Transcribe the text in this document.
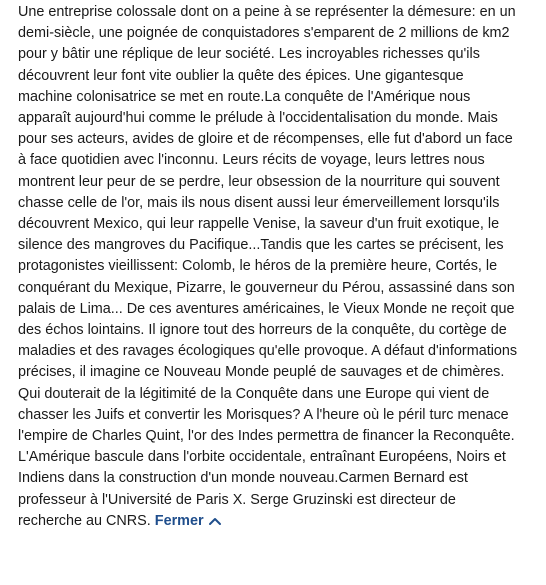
Une entreprise colossale dont on a peine à se représenter la démesure: en un
demi-siècle, une poignée de conquistadores s'emparent de 2 millions de km2
pour y bâtir une réplique de leur société. Les incroyables richesses qu'ils
découvrent leur font vite oublier la quête des épices. Une gigantesque
machine colonisatrice se met en route.La conquête de l'Amérique nous
apparaît aujourd'hui comme le prélude à l'occidentalisation du monde. Mais
pour ses acteurs, avides de gloire et de récompenses, elle fut d'abord un face
à face quotidien avec l'inconnu. Leurs récits de voyage, leurs lettres nous
montrent leur peur de se perdre, leur obsession de la nourriture qui souvent
chasse celle de l'or, mais ils nous disent aussi leur émerveillement lorsqu'ils
découvrent Mexico, qui leur rappelle Venise, la saveur d'un fruit exotique, le
silence des mangroves du Pacifique...Tandis que les cartes se précisent, les
protagonistes vieillissent: Colomb, le héros de la première heure, Cortés, le
conquérant du Mexique, Pizarre, le gouverneur du Pérou, assassiné dans son
palais de Lima... De ces aventures américaines, le Vieux Monde ne reçoit que
des échos lointains. Il ignore tout des horreurs de la conquête, du cortège de
maladies et des ravages écologiques qu'elle provoque. A défaut d'informations
précises, il imagine ce Nouveau Monde peuplé de sauvages et de chimères.
Qui douterait de la légitimité de la Conquête dans une Europe qui vient de
chasser les Juifs et convertir les Morisques? A l'heure où le péril turc menace
l'empire de Charles Quint, l'or des Indes permettra de financer la Reconquête.
L'Amérique bascule dans l'orbite occidentale, entraînant Européens, Noirs et
Indiens dans la construction d'un monde nouveau.Carmen Bernard est
professeur à l'Université de Paris X. Serge Gruzinski est directeur de
recherche au CNRS. Fermer
